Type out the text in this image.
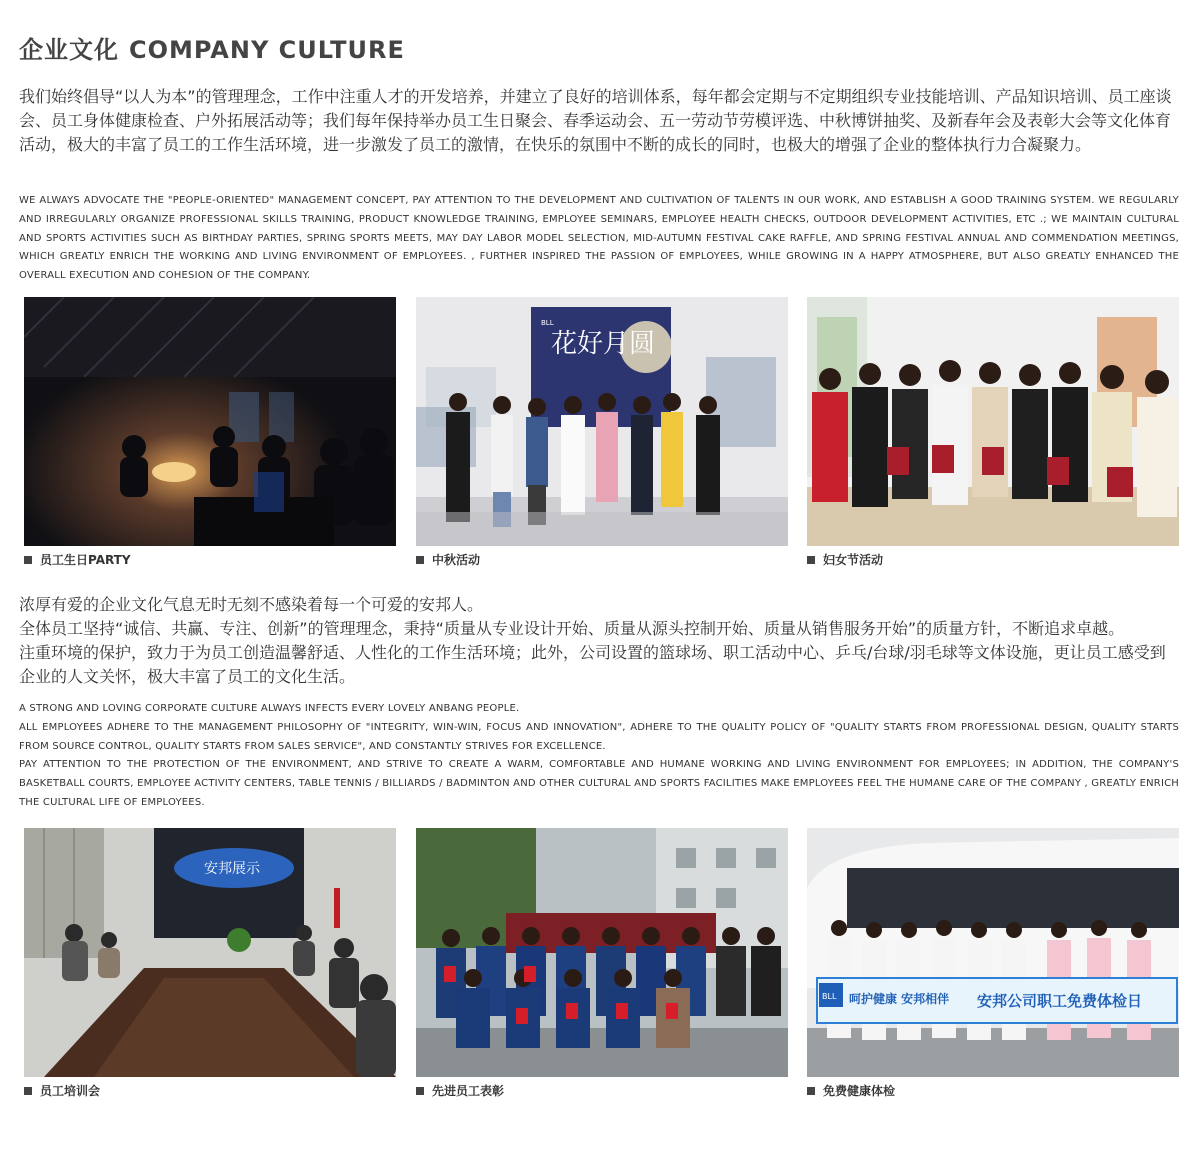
企业文化 COMPANY CULTURE

我们始终倡导“以人为本”的管理理念，工作中注重人才的开发培养，并建立了良好的培训体系，每年都会定期与不定期组织专业技能培训、产品知识培训、员工座谈会、员工身体健康检查、户外拓展活动等；我们每年保持举办员工生日聚会、春季运动会、五一劳动节劳模评选、中秋博饼抽奖、及新春年会及表彰大会等文化体育活动，极大的丰富了员工的工作生活环境，进一步激发了员工的激情，在快乐的氛围中不断的成长的同时，也极大的增强了企业的整体执行力合凝聚力。

WE ALWAYS ADVOCATE THE "PEOPLE-ORIENTED" MANAGEMENT CONCEPT, PAY ATTENTION TO THE DEVELOPMENT AND CULTIVATION OF TALENTS IN OUR WORK, AND ESTABLISH A GOOD TRAINING SYSTEM. WE REGULARLY AND IRREGULARLY ORGANIZE PROFESSIONAL SKILLS TRAINING, PRODUCT KNOWLEDGE TRAINING, EMPLOYEE SEMINARS, EMPLOYEE HEALTH CHECKS, OUTDOOR DEVELOPMENT ACTIVITIES, ETC .; WE MAINTAIN CULTURAL AND SPORTS ACTIVITIES SUCH AS BIRTHDAY PARTIES, SPRING SPORTS MEETS, MAY DAY LABOR MODEL SELECTION, MID-AUTUMN FESTIVAL CAKE RAFFLE, AND SPRING FESTIVAL ANNUAL AND COMMENDATION MEETINGS, WHICH GREATLY ENRICH THE WORKING AND LIVING ENVIRONMENT OF EMPLOYEES. , FURTHER INSPIRED THE PASSION OF EMPLOYEES, WHILE GROWING IN A HAPPY ATMOSPHERE, BUT ALSO GREATLY ENHANCED THE OVERALL EXECUTION AND COHESION OF THE COMPANY.

员工生日PARTY
花好月圆
BLL
中秋活动	妇女节活动

浓厚有爱的企业文化气息无时无刻不感染着每一个可爱的安邦人。

全体员工坚持“诚信、共赢、专注、创新”的管理理念，秉持“质量从专业设计开始、质量从源头控制开始、质量从销售服务开始”的质量方针，不断追求卓越。

注重环境的保护，致力于为员工创造温馨舒适、人性化的工作生活环境；此外，公司设置的篮球场、职工活动中心、乒乓/台球/羽毛球等文体设施，更让员工感受到企业的人文关怀，极大丰富了员工的文化生活。

A STRONG AND LOVING CORPORATE CULTURE ALWAYS INFECTS EVERY LOVELY ANBANG PEOPLE.

ALL EMPLOYEES ADHERE TO THE MANAGEMENT PHILOSOPHY OF "INTEGRITY, WIN-WIN, FOCUS AND INNOVATION", ADHERE TO THE QUALITY POLICY OF "QUALITY STARTS FROM PROFESSIONAL DESIGN, QUALITY STARTS FROM SOURCE CONTROL, QUALITY STARTS FROM SALES SERVICE", AND CONSTANTLY STRIVES FOR EXCELLENCE.

PAY ATTENTION TO THE PROTECTION OF THE ENVIRONMENT, AND STRIVE TO CREATE A WARM, COMFORTABLE AND HUMANE WORKING AND LIVING ENVIRONMENT FOR EMPLOYEES; IN ADDITION, THE COMPANY'S BASKETBALL COURTS, EMPLOYEE ACTIVITY CENTERS, TABLE TENNIS / BILLIARDS / BADMINTON AND OTHER CULTURAL AND SPORTS FACILITIES MAKE EMPLOYEES FEEL THE HUMANE CARE OF THE COMPANY , GREATLY ENRICH THE CULTURAL LIFE OF EMPLOYEES.

安邦展示
员工培训会	先进员工表彰
BLL 呵护健康 安邦相伴 安邦公司职工免费体检日
免费健康体检
